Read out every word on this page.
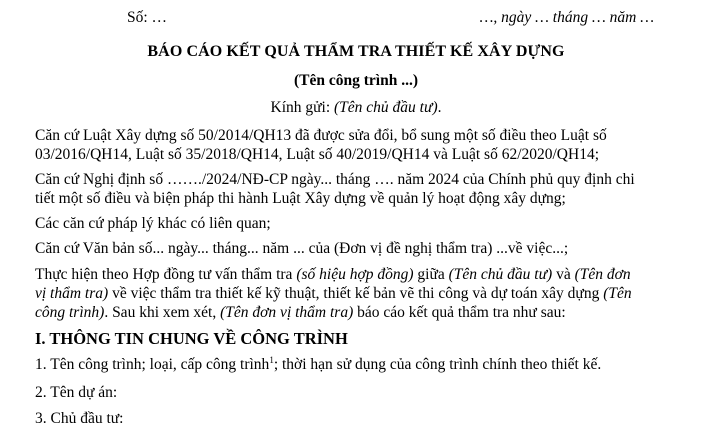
Số: …	…, ngày … tháng … năm …
BÁO CÁO KẾT QUẢ THẨM TRA THIẾT KẾ XÂY DỰNG
(Tên công trình ...)
Kính gửi: (Tên chủ đầu tư).
Căn cứ Luật Xây dựng số 50/2014/QH13 đã được sửa đổi, bổ sung một số điều theo Luật số
03/2016/QH14, Luật số 35/2018/QH14, Luật số 40/2019/QH14 và Luật số 62/2020/QH14;
Căn cứ Nghị định số ……./2024/NĐ-CP ngày... tháng …. năm 2024 của Chính phủ quy định chi
tiết một số điều và biện pháp thi hành Luật Xây dựng về quản lý hoạt động xây dựng;
Các căn cứ pháp lý khác có liên quan;
Căn cứ Văn bản số... ngày... tháng... năm ... của (Đơn vị đề nghị thẩm tra) ...về việc...;
Thực hiện theo Hợp đồng tư vấn thẩm tra (số hiệu hợp đồng) giữa (Tên chủ đầu tư) và (Tên đơn
vị thẩm tra) về việc thẩm tra thiết kế kỹ thuật, thiết kế bản vẽ thi công và dự toán xây dựng (Tên
công trình). Sau khi xem xét, (Tên đơn vị thẩm tra) báo cáo kết quả thẩm tra như sau:
I. THÔNG TIN CHUNG VỀ CÔNG TRÌNH
1. Tên công trình; loại, cấp công trình$^1$; thời hạn sử dụng của công trình chính theo thiết kế.
2. Tên dự án:
3. Chủ đầu tư:
